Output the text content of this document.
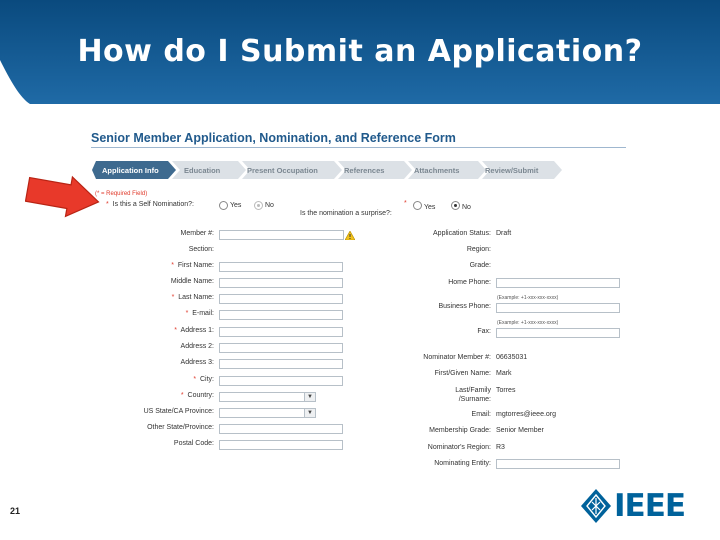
How do I Submit an Application?
Senior Member Application, Nomination, and Reference Form
Application Info	Education	Present Occupation	References	Attachments	Review/Submit
(* = Required Field)
* Is this a Self Nomination?:	Yes	No	*
Is the nomination a surprise?:
Yes	No
Member #:
Section:
* First Name:
Middle Name:
* Last Name:
* E-mail:
* Address 1:
Address 2:
Address 3:
* City:
* Country:	▼
US State/CA Province:	▼
Other State/Province:
Postal Code:
Application Status: Draft
Region:
Grade:
Home Phone:
(Example: +1-xxx-xxx-xxxx)
Business Phone:
(Example: +1-xxx-xxx-xxxx)
Fax:
Nominator Member #: 06635031
First/Given Name: Mark
Last/Family
/Surname:
Torres
Email: mgtorres@ieee.org
Membership Grade: Senior Member
Nominator's Region: R3
Nominating Entity:
21	IEEE
